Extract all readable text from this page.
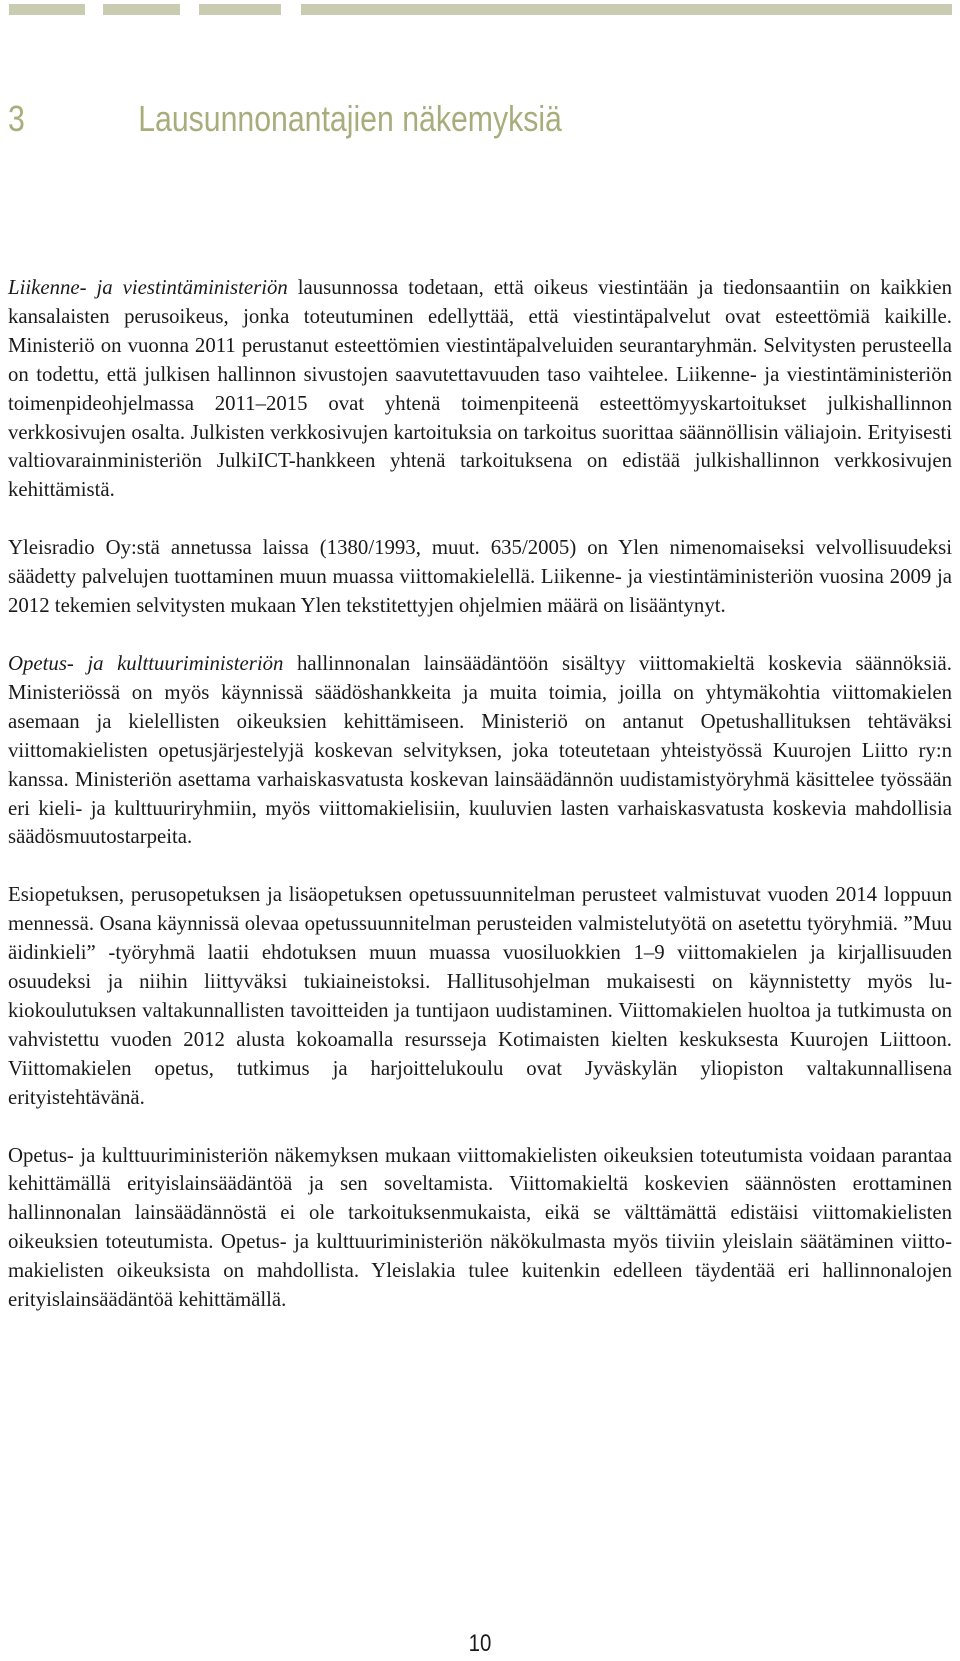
3	Lausunnonantajien näkemyksiä

Liikenne- ja viestintäministeriön lausunnossa todetaan, että oikeus viestintään ja tiedonsaantiin on kaikkien kansalaisten perusoikeus, jonka toteutuminen edellyttää, että viestintäpalvelut ovat esteettömiä kaikille. Ministeriö on vuonna 2011 perustanut esteettömien viestintäpalveluiden seurantaryhmän. Selvitysten perusteella on todettu, että julkisen hallinnon sivustojen saavutettavuuden taso vaihtelee. Liikenne- ja viestintäministeriön toimenpideohjelmassa 2011–2015 ovat yhtenä toimenpiteenä esteettömyyskartoitukset julkishallinnon verkkosivujen osalta. Julkisten verkkosivujen kartoituksia on tarkoitus suorittaa säännöllisin väliajoin. Erityisesti valtiovarainministeriön JulkiICT-hankkeen yhtenä tarkoituksena on edistää julkishallinnon verkkosivujen kehittämistä.

Yleisradio Oy:stä annetussa laissa (1380/1993, muut. 635/2005) on Ylen nimenomaiseksi velvollisuudeksi säädetty palvelujen tuottaminen muun muassa viittomakielellä. Liikenne- ja viestintäministeriön vuosina 2009 ja 2012 tekemien selvitysten mukaan Ylen tekstitettyjen ohjelmien määrä on lisääntynyt.

Opetus- ja kulttuuriministeriön hallinnonalan lainsäädäntöön sisältyy viittomakieltä koskevia säännöksiä. Ministeriössä on myös käynnissä säädöshankkeita ja muita toimia, joilla on yhtymäkohtia viittomakielen asemaan ja kielellisten oikeuksien kehittämiseen. Ministeriö on antanut Opetushallituksen tehtäväksi viittomakielisten opetusjärjestelyjä koskevan selvityksen, joka toteutetaan yhteistyössä Kuurojen Liitto ry:n kanssa. Ministeriön asettama varhaiskasvatusta koskevan lainsäädännön uudistamistyöryhmä käsittelee työssään eri kieli- ja kulttuuriryhmiin, myös viittomakielisiin, kuuluvien lasten varhaiskasvatusta koskevia mahdollisia säädösmuutostarpeita.

Esiopetuksen, perusopetuksen ja lisäopetuksen opetussuunnitelman perusteet valmistuvat vuoden 2014 loppuun mennessä. Osana käynnissä olevaa opetussuunnitelman perusteiden valmistelutyötä on asetettu työryhmiä. ”Muu äidinkieli” -työryhmä laatii ehdotuksen muun muassa vuosiluokkien 1–9 viittomakielen ja kirjallisuuden osuudeksi ja niihin liittyväksi tukiaineistoksi. Hallitusohjelman mukaisesti on käynnistetty myös lukiokoulutuksen valtakunnallisten tavoitteiden ja tuntijaon uudistaminen. Viittomakielen huoltoa ja tutkimusta on vahvistettu vuoden 2012 alusta kokoamalla resursseja Kotimaisten kielten keskuksesta Kuurojen Liittoon. Viittomakielen opetus, tutkimus ja harjoittelukoulu ovat Jyväskylän yliopiston valtakunnallisena erityistehtävänä.

Opetus- ja kulttuuriministeriön näkemyksen mukaan viittomakielisten oikeuksien toteutumista voidaan parantaa kehittämällä erityislainsäädäntöä ja sen soveltamista. Viittomakieltä koskevien säännösten erottaminen hallinnonalan lainsäädännöstä ei ole tarkoituksenmukaista, eikä se välttämättä edistäisi viittomakielisten oikeuksien toteutumista. Opetus- ja kulttuuriministeriön näkökulmasta myös tiiviin yleislain säätäminen viittomakielisten oikeuksista on mahdollista. Yleislakia tulee kuitenkin edelleen täydentää eri hallinnonalojen erityislainsäädäntöä kehittämällä.

10
